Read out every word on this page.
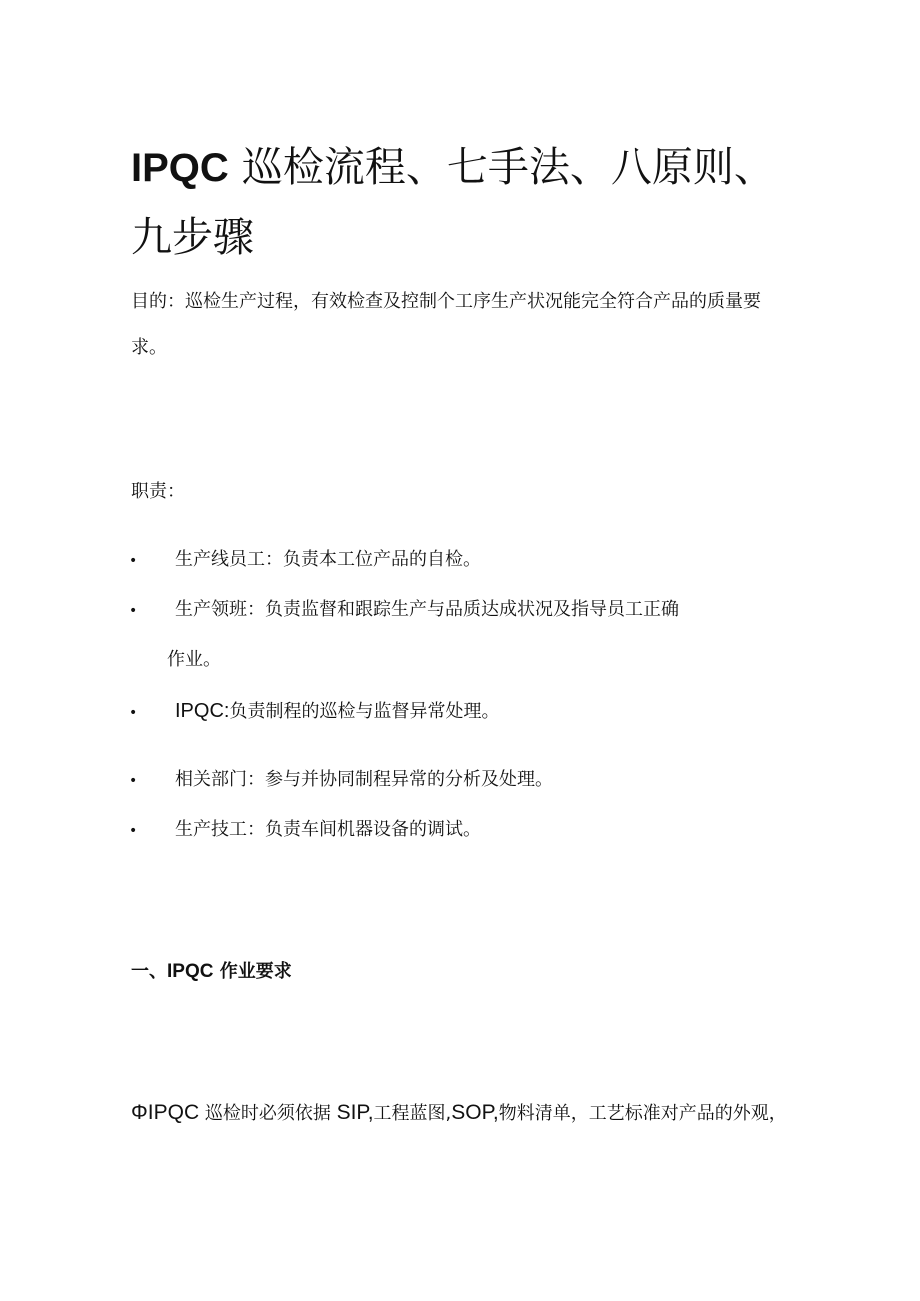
IPQC 巡检流程、七手法、八原则、
九步骤

目的：巡检生产过程，有效检查及控制个工序生产状况能完全符合产品的质量要

求。

职责：

• 生产线员工：负责本工位产品的自检。
• 生产领班：负责监督和跟踪生产与品质达成状况及指导员工正确
作业。
• IPQC:负责制程的巡检与监督异常处理。
• 相关部门：参与并协同制程异常的分析及处理。
• 生产技工：负责车间机器设备的调试。
一、IPQC 作业要求
ΦIPQC 巡检时必须依据 SIP,工程蓝图,SOP,物料清单，工艺标准对产品的外观，
